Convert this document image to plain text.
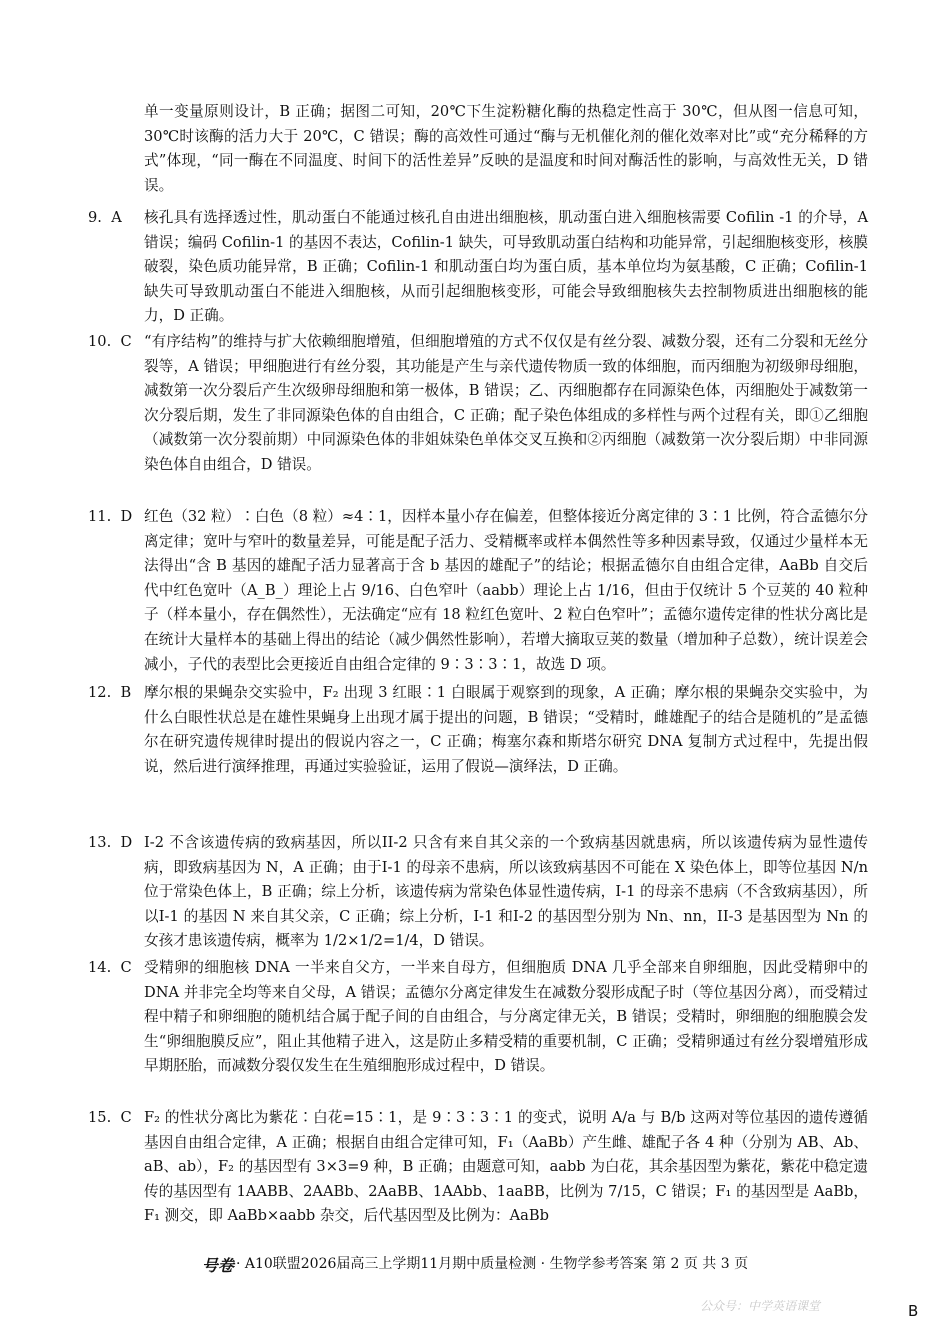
单一变量原则设计，B 正确；据图二可知，20℃下生淀粉糖化酶的热稳定性高于 30℃，但从图一信息可知，30℃时该酶的活力大于 20℃，C 错误；酶的高效性可通过“酶与无机催化剂的催化效率对比”或“充分稀释的方式”体现，“同一酶在不同温度、时间下的活性差异”反映的是温度和时间对酶活性的影响，与高效性无关，D 错误。
9. A	核孔具有选择透过性，肌动蛋白不能通过核孔自由进出细胞核，肌动蛋白进入细胞核需要 Cofilin -1 的介导，A 错误；编码 Cofilin-1 的基因不表达，Cofilin-1 缺失，可导致肌动蛋白结构和功能异常，引起细胞核变形，核膜破裂，染色质功能异常，B 正确；Cofilin-1 和肌动蛋白均为蛋白质，基本单位均为氨基酸，C 正确；Cofilin-1 缺失可导致肌动蛋白不能进入细胞核，从而引起细胞核变形，可能会导致细胞核失去控制物质进出细胞核的能力，D 正确。
10. C “有序结构”的维持与扩大依赖细胞增殖，但细胞增殖的方式不仅仅是有丝分裂、减数分裂，还有二分裂和无丝分裂等，A 错误；甲细胞进行有丝分裂，其功能是产生与亲代遗传物质一致的体细胞，而丙细胞为初级卵母细胞，减数第一次分裂后产生次级卵母细胞和第一极体，B 错误；乙、丙细胞都存在同源染色体，丙细胞处于减数第一次分裂后期，发生了非同源染色体的自由组合，C 正确；配子染色体组成的多样性与两个过程有关，即①乙细胞（减数第一次分裂前期）中同源染色体的非姐妹染色单体交叉互换和②丙细胞（减数第一次分裂后期）中非同源染色体自由组合，D 错误。
11. D 红色（32 粒）∶白色（8 粒）≈4∶1，因样本量小存在偏差，但整体接近分离定律的 3∶1 比例，符合孟德尔分离定律；宽叶与窄叶的数量差异，可能是配子活力、受精概率或样本偶然性等多种因素导致，仅通过少量样本无法得出“含 B 基因的雄配子活力显著高于含 b 基因的雄配子”的结论；根据孟德尔自由组合定律，AaBb 自交后代中红色宽叶（A_B_）理论上占 9/16、白色窄叶（aabb）理论上占 1/16，但由于仅统计 5 个豆荚的 40 粒种子（样本量小，存在偶然性），无法确定“应有 18 粒红色宽叶、2 粒白色窄叶”；孟德尔遗传定律的性状分离比是在统计大量样本的基础上得出的结论（减少偶然性影响），若增大摘取豆荚的数量（增加种子总数），统计误差会减小，子代的表型比会更接近自由组合定律的 9∶3∶3∶1，故选 D 项。
12. B 摩尔根的果蝇杂交实验中，F₂ 出现 3 红眼∶1 白眼属于观察到的现象，A 正确；摩尔根的果蝇杂交实验中，为什么白眼性状总是在雄性果蝇身上出现才属于提出的问题，B 错误；“受精时，雌雄配子的结合是随机的”是孟德尔在研究遗传规律时提出的假说内容之一，C 正确；梅塞尔森和斯塔尔研究 DNA 复制方式过程中，先提出假说，然后进行演绎推理，再通过实验验证，运用了假说—演绎法，D 正确。
13. D I-2 不含该遗传病的致病基因，所以II-2 只含有来自其父亲的一个致病基因就患病，所以该遗传病为显性遗传病，即致病基因为 N，A 正确；由于I-1 的母亲不患病，所以该致病基因不可能在 X 染色体上，即等位基因 N/n 位于常染色体上，B 正确；综上分析，该遗传病为常染色体显性遗传病，I-1 的母亲不患病（不含致病基因），所以I-1 的基因 N 来自其父亲，C 正确；综上分析，I-1 和I-2 的基因型分别为 Nn、nn，II-3 是基因型为 Nn 的女孩才患该遗传病，概率为 1/2×1/2=1/4，D 错误。
14. C 受精卵的细胞核 DNA 一半来自父方，一半来自母方，但细胞质 DNA 几乎全部来自卵细胞，因此受精卵中的 DNA 并非完全均等来自父母，A 错误；孟德尔分离定律发生在减数分裂形成配子时（等位基因分离），而受精过程中精子和卵细胞的随机结合属于配子间的自由组合，与分离定律无关，B 错误；受精时，卵细胞的细胞膜会发生“卵细胞膜反应”，阻止其他精子进入，这是防止多精受精的重要机制，C 正确；受精卵通过有丝分裂增殖形成早期胚胎，而减数分裂仅发生在生殖细胞形成过程中，D 错误。
15. C F₂ 的性状分离比为紫花∶白花=15∶1，是 9∶3∶3∶1 的变式，说明 A/a 与 B/b 这两对等位基因的遗传遵循基因自由组合定律，A 正确；根据自由组合定律可知，F₁（AaBb）产生雌、雄配子各 4 种（分别为 AB、Ab、aB、ab），F₂ 的基因型有 3×3=9 种，B 正确；由题意可知，aabb 为白花，其余基因型为紫花，紫花中稳定遗传的基因型有 1AABB、2AABb、2AaBB、1AAbb、1aaBB，比例为 7/15，C 错误；F₁ 的基因型是 AaBb，F₁ 测交，即 AaBb×aabb 杂交，后代基因型及比例为：AaBb
号卷 · A10联盟2026届高三上学期11月期中质量检测 · 生物学参考答案 第 2 页 共 3 页
公众号：中学英语课堂	B
